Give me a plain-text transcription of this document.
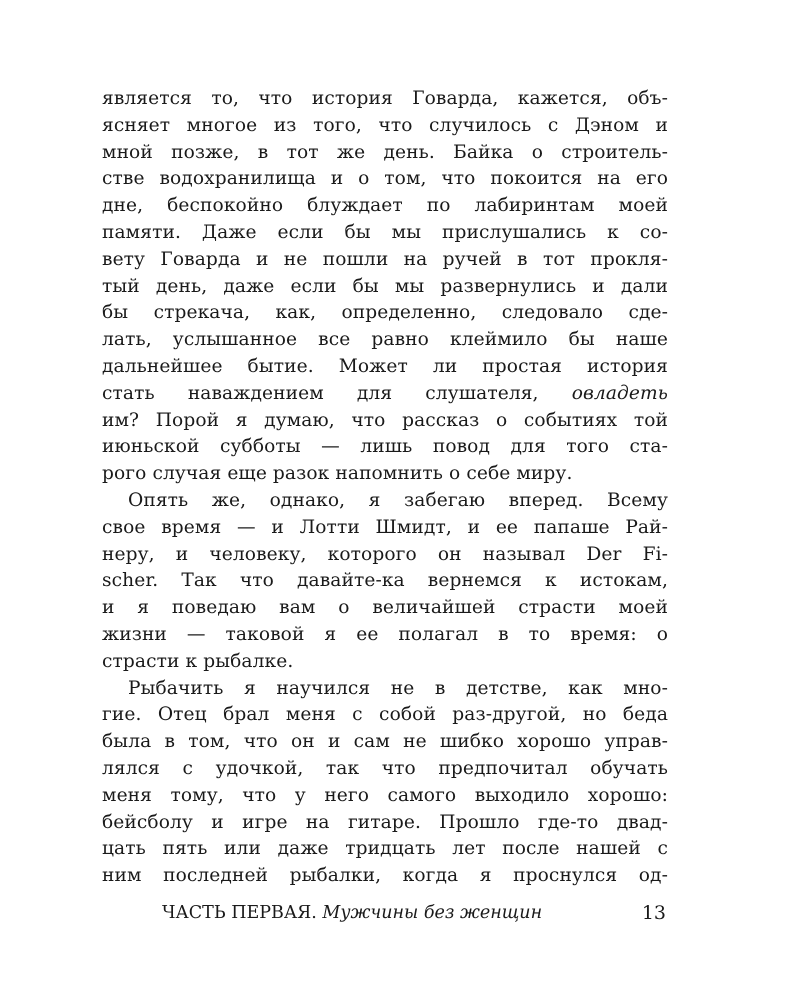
является то, что история Говарда, кажется, объ-
ясняет многое из того, что случилось с Дэном и
мной позже, в тот же день. Байка о строитель-
стве водохранилища и о том, что покоится на его
дне, беспокойно блуждает по лабиринтам моей
памяти. Даже если бы мы прислушались к со-
вету Говарда и не пошли на ручей в тот прокля-
тый день, даже если бы мы развернулись и дали
бы стрекача, как, определенно, следовало сде-
лать, услышанное все равно клеймило бы наше
дальнейшее бытие. Может ли простая история
стать наваждением для слушателя, овладеть
им? Порой я думаю, что рассказ о событиях той
июньской субботы — лишь повод для того ста-
рого случая еще разок напомнить о себе миру.
Опять же, однако, я забегаю вперед. Всему
свое время — и Лотти Шмидт, и ее папаше Рай-
неру, и человеку, которого он называл Der Fi-
scher. Так что давайте-ка вернемся к истокам,
и я поведаю вам о величайшей страсти моей
жизни — таковой я ее полагал в то время: о
страсти к рыбалке.
Рыбачить я научился не в детстве, как мно-
гие. Отец брал меня с собой раз-другой, но беда
была в том, что он и сам не шибко хорошо управ-
лялся с удочкой, так что предпочитал обучать
меня тому, что у него самого выходило хорошо:
бейсболу и игре на гитаре. Прошло где-то двад-
цать пять или даже тридцать лет после нашей с
ним последней рыбалки, когда я проснулся од-
ЧАСТЬ ПЕРВАЯ. Мужчины без женщин	13
